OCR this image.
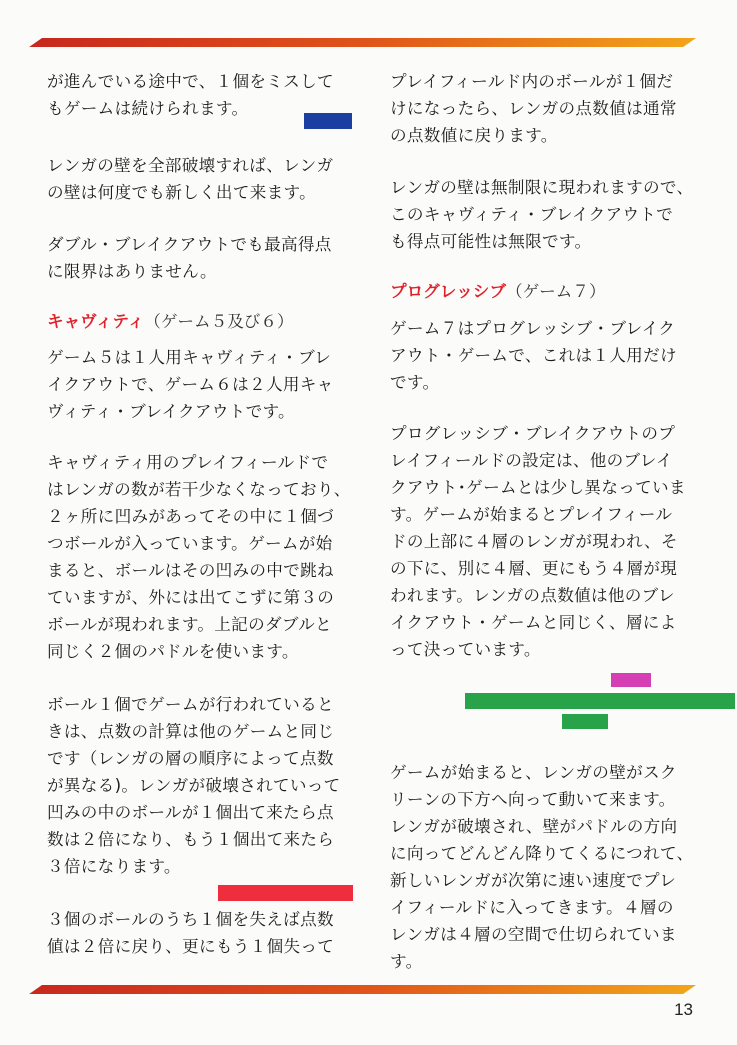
が進んでいる途中で、１個をミスして
もゲームは続けられます。

レンガの壁を全部破壊すれば、レンガ
の壁は何度でも新しく出て来ます。

ダブル・ブレイクアウトでも最高得点
に限界はありません。

キャヴィティ（ゲーム５及び６）

ゲーム５は１人用キャヴィティ・ブレ
イクアウトで、ゲーム６は２人用キャ
ヴィティ・ブレイクアウトです。

キャヴィティ用のプレイフィールドで
はレンガの数が若干少なくなっており、
２ヶ所に凹みがあってその中に１個づ
つボールが入っています。ゲームが始
まると、ボールはその凹みの中で跳ね
ていますが、外には出てこずに第３の
ボールが現われます。上記のダブルと
同じく２個のパドルを使います。

ボール１個でゲームが行われていると
きは、点数の計算は他のゲームと同じ
です（レンガの層の順序によって点数
が異なる)。レンガが破壊されていって
凹みの中のボールが１個出て来たら点
数は２倍になり、もう１個出て来たら
３倍になります。

３個のボールのうち１個を失えば点数
値は２倍に戻り、更にもう１個失って

プレイフィールド内のボールが１個だ
けになったら、レンガの点数値は通常
の点数値に戻ります。

レンガの壁は無制限に現われますので、
このキャヴィティ・ブレイクアウトで
も得点可能性は無限です。

プログレッシブ（ゲーム７）

ゲーム７はプログレッシブ・ブレイク
アウト・ゲームで、これは１人用だけ
です。

プログレッシブ・ブレイクアウトのプ
レイフィールドの設定は、他のブレイ
クアウト･ゲームとは少し異なっていま
す。ゲームが始まるとプレイフィール
ドの上部に４層のレンガが現われ、そ
の下に、別に４層、更にもう４層が現
われます。レンガの点数値は他のブレ
イクアウト・ゲームと同じく、層によ
って決っています。

ゲームが始まると、レンガの壁がスク
リーンの下方へ向って動いて来ます。
レンガが破壊され、壁がパドルの方向
に向ってどんどん降りてくるにつれて、
新しいレンガが次第に速い速度でプレ
イフィールドに入ってきます。４層の
レンガは４層の空間で仕切られていま
す。

13
